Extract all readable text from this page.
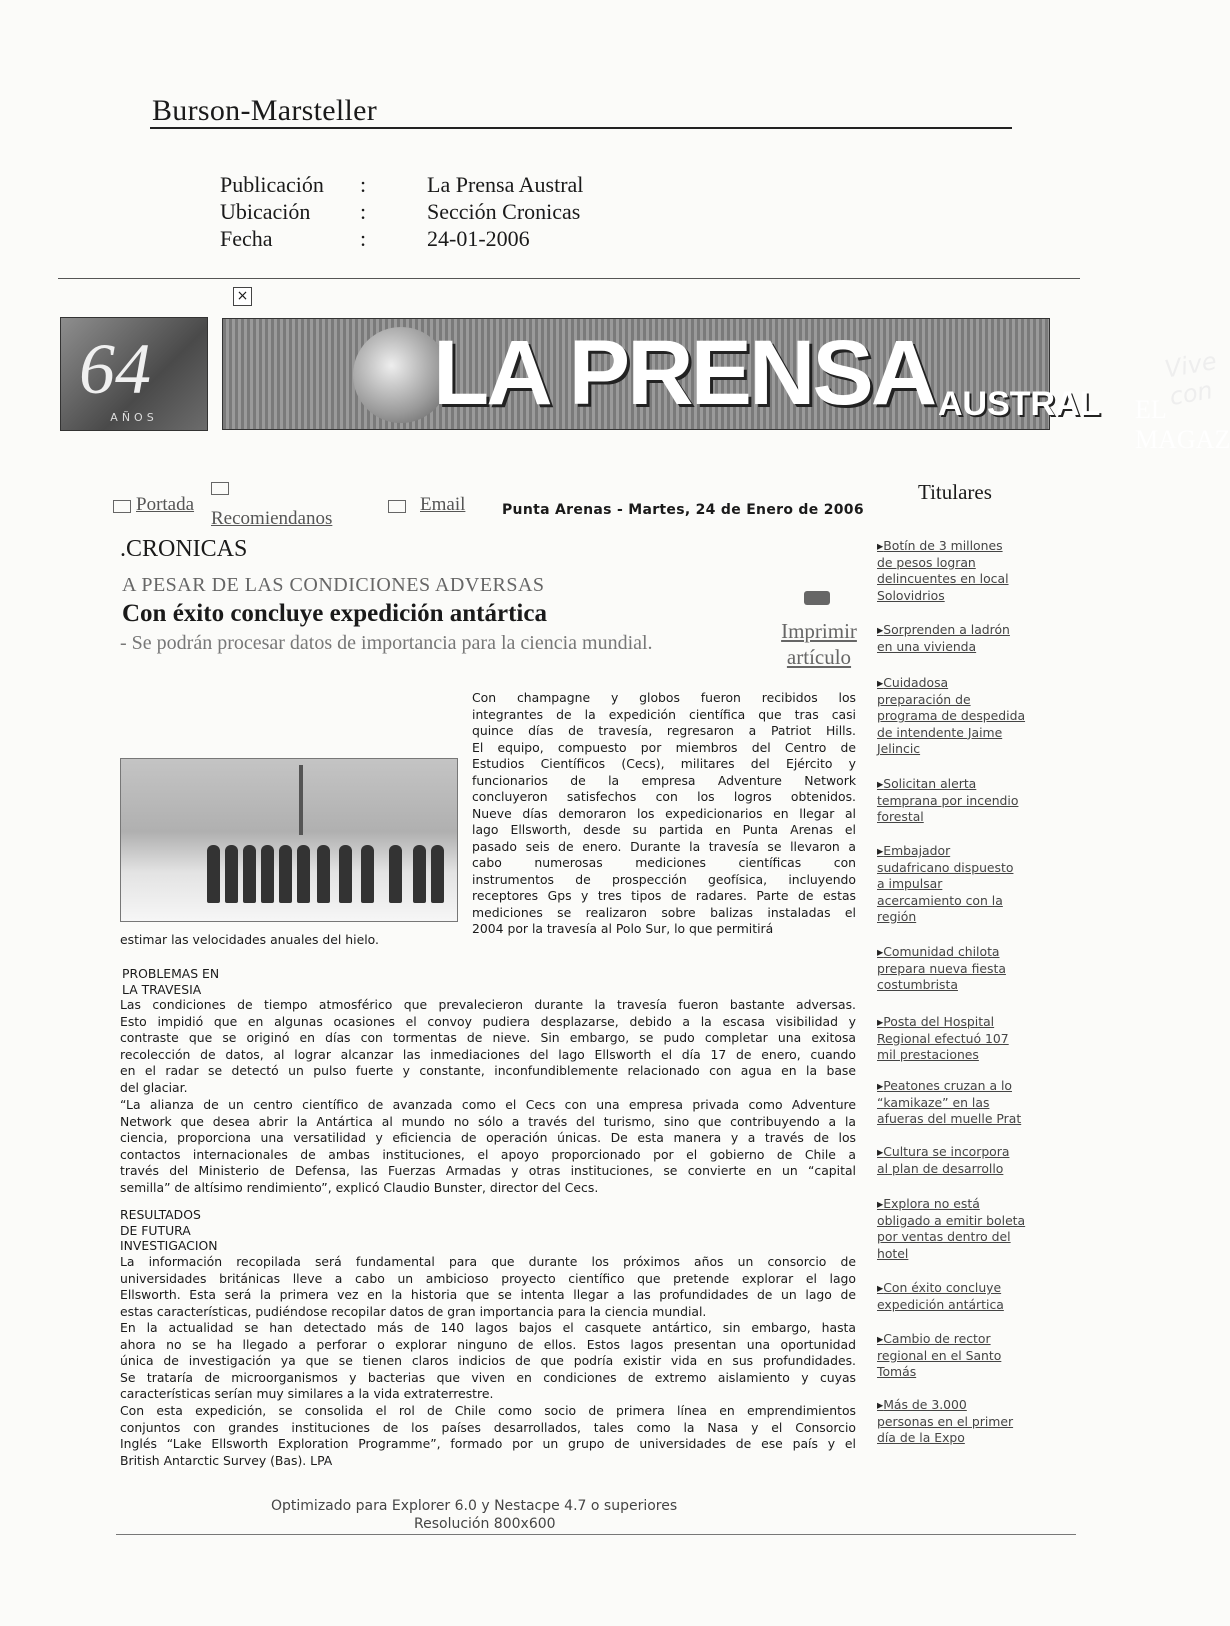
Burson-Marsteller
Publicación :	La Prensa Austral
Ubicación :	Sección Cronicas
Fecha	:	24-01-2006
×
64
AÑOS	LA PRENSA AUSTRAL
Vive con
EL MAGAZ
Portada
Recomiendanos
Email	Punta Arenas - Martes, 24 de Enero de 2006
.CRONICAS
A PESAR DE LAS CONDICIONES ADVERSAS
Con éxito concluye expedición antártica
- Se podrán procesar datos de importancia para la ciencia mundial.	Imprimir artículo
Con champagne y globos fueron recibidos los
integrantes de la expedición científica que tras casi
quince días de travesía, regresaron a Patriot Hills.
El equipo, compuesto por miembros del Centro de
Estudios Científicos (Cecs), militares del Ejército y
funcionarios de la empresa Adventure Network
concluyeron satisfechos con los logros obtenidos.
Nueve días demoraron los expedicionarios en llegar al
lago Ellsworth, desde su partida en Punta Arenas el
pasado seis de enero. Durante la travesía se llevaron a
cabo numerosas mediciones científicas con
instrumentos de prospección geofísica, incluyendo
receptores Gps y tres tipos de radares. Parte de estas
mediciones se realizaron sobre balizas instaladas el
2004 por la travesía al Polo Sur, lo que permitirá
estimar las velocidades anuales del hielo.
PROBLEMAS EN
LA TRAVESIA
Las condiciones de tiempo atmosférico que prevalecieron durante la travesía fueron bastante adversas.
Esto impidió que en algunas ocasiones el convoy pudiera desplazarse, debido a la escasa visibilidad y
contraste que se originó en días con tormentas de nieve. Sin embargo, se pudo completar una exitosa
recolección de datos, al lograr alcanzar las inmediaciones del lago Ellsworth el día 17 de enero, cuando
en el radar se detectó un pulso fuerte y constante, inconfundiblemente relacionado con agua en la base
del glaciar.
“La alianza de un centro científico de avanzada como el Cecs con una empresa privada como Adventure
Network que desea abrir la Antártica al mundo no sólo a través del turismo, sino que contribuyendo a la
ciencia, proporciona una versatilidad y eficiencia de operación únicas. De esta manera y a través de los
contactos internacionales de ambas instituciones, el apoyo proporcionado por el gobierno de Chile a
través del Ministerio de Defensa, las Fuerzas Armadas y otras instituciones, se convierte en un “capital
semilla” de altísimo rendimiento”, explicó Claudio Bunster, director del Cecs.
RESULTADOS
DE FUTURA
INVESTIGACION
La información recopilada será fundamental para que durante los próximos años un consorcio de
universidades británicas lleve a cabo un ambicioso proyecto científico que pretende explorar el lago
Ellsworth. Esta será la primera vez en la historia que se intenta llegar a las profundidades de un lago de
estas características, pudiéndose recopilar datos de gran importancia para la ciencia mundial.
En la actualidad se han detectado más de 140 lagos bajos el casquete antártico, sin embargo, hasta
ahora no se ha llegado a perforar o explorar ninguno de ellos. Estos lagos presentan una oportunidad
única de investigación ya que se tienen claros indicios de que podría existir vida en sus profundidades.
Se trataría de microorganismos y bacterias que viven en condiciones de extremo aislamiento y cuyas
características serían muy similares a la vida extraterrestre.
Con esta expedición, se consolida el rol de Chile como socio de primera línea en emprendimientos
conjuntos con grandes instituciones de los países desarrollados, tales como la Nasa y el Consorcio
Inglés “Lake Ellsworth Exploration Programme”, formado por un grupo de universidades de ese país y el
British Antarctic Survey (Bas). LPA
Titulares
▸ Botín de 3 millones
de pesos logran
delincuentes en local
Solovidrios
▸ Sorprenden a ladrón
en una vivienda
▸ Cuidadosa
preparación de
programa de despedida
de intendente Jaime
Jelincic
▸ Solicitan alerta
temprana por incendio
forestal
▸ Embajador
sudafricano dispuesto
a impulsar
acercamiento con la
región
▸ Comunidad chilota
prepara nueva fiesta
costumbrista
▸ Posta del Hospital
Regional efectuó 107
mil prestaciones
▸ Peatones cruzan a lo
“kamikaze” en las
afueras del muelle Prat
▸ Cultura se incorpora
al plan de desarrollo
▸ Explora no está
obligado a emitir boleta
por ventas dentro del
hotel
▸ Con éxito concluye
expedición antártica
▸ Cambio de rector
regional en el Santo
Tomás
▸ Más de 3.000
personas en el primer
día de la Expo
Optimizado para Explorer 6.0 y Nestacpe 4.7 o superiores
Resolución 800x600
